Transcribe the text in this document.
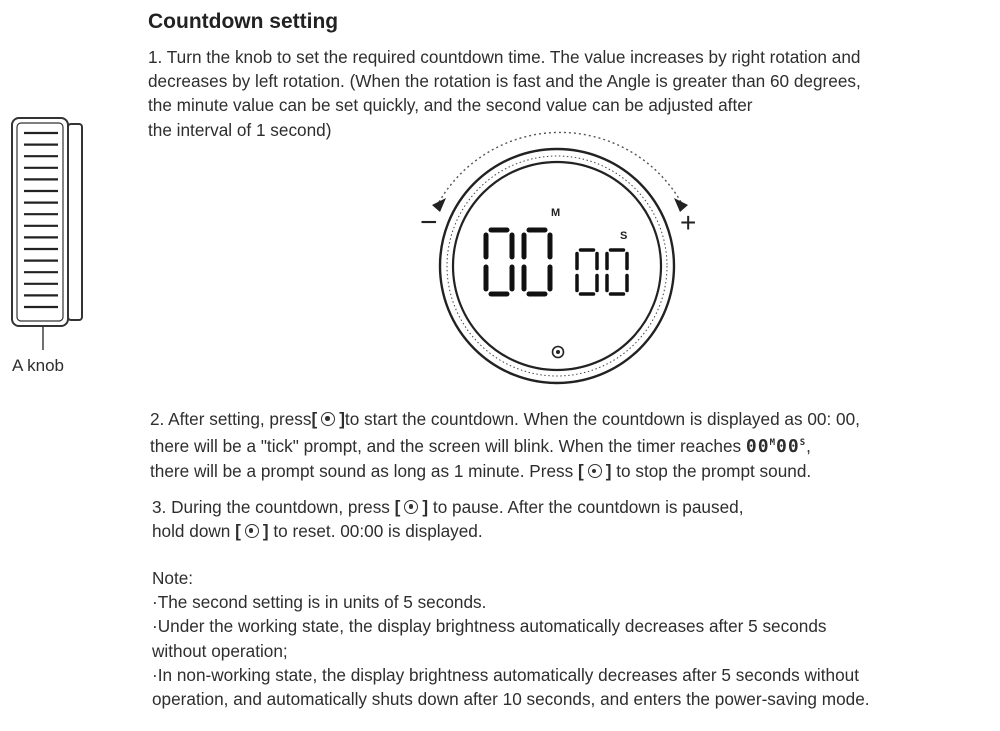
Countdown setting
1. Turn the knob to set the required countdown time. The value increases by right rotation and
decreases by left rotation. (When the rotation is fast and the Angle is greater than 60 degrees,
the minute value can be set quickly, and the second value can be adjusted after
the interval of 1 second)
−	+
M
S
A knob
2. After setting, press[ ]to start the countdown. When the countdown is displayed as 00: 00,
there will be a "tick" prompt, and the screen will blink. When the timer reaches $00^M00^S$,
there will be a prompt sound as long as 1 minute. Press [ ] to stop the prompt sound.
3. During the countdown, press [ ] to pause. After the countdown is paused,
hold down [ ] to reset. 00:00 is displayed.
Note:
·The second setting is in units of 5 seconds.
·Under the working state, the display brightness automatically decreases after 5 seconds
without operation;
·In non-working state, the display brightness automatically decreases after 5 seconds without
operation, and automatically shuts down after 10 seconds, and enters the power-saving mode.
